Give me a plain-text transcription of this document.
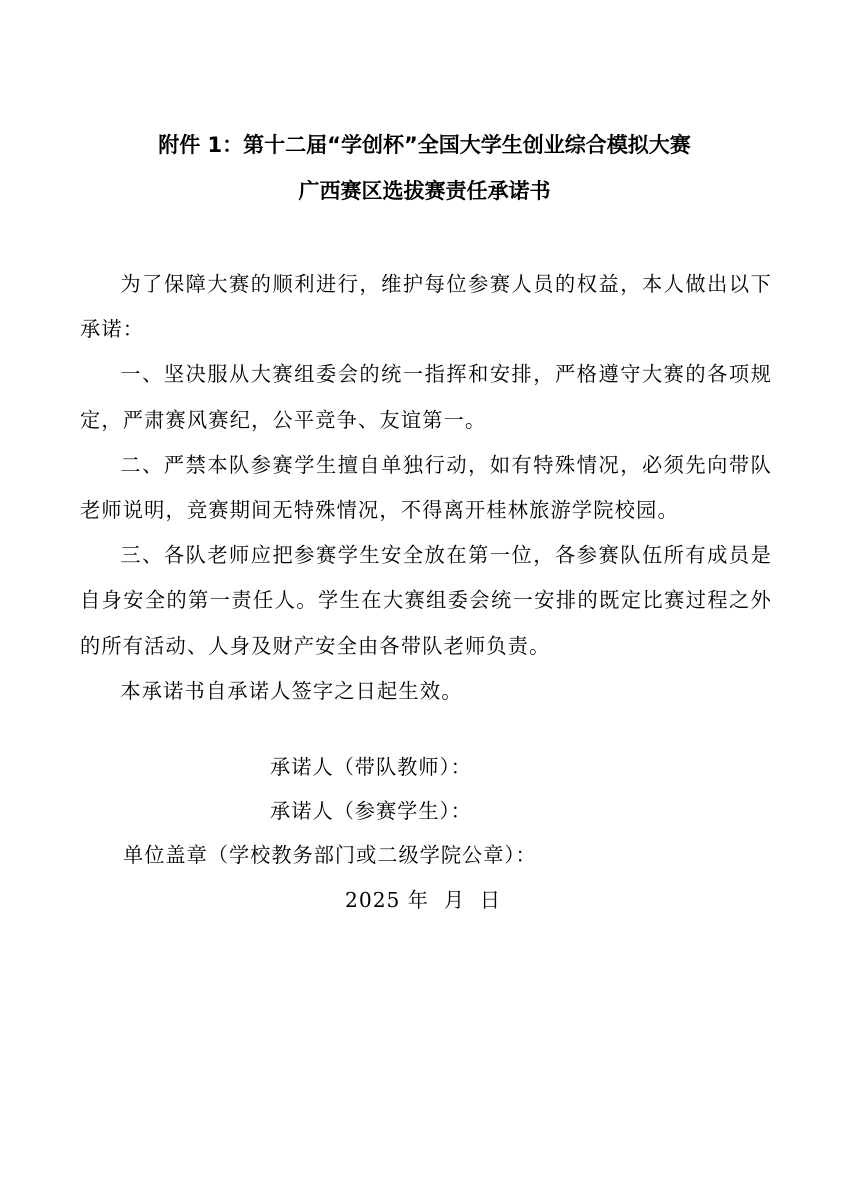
附件 1：第十二届“学创杯”全国大学生创业综合模拟大赛
广西赛区选拔赛责任承诺书

为了保障大赛的顺利进行，维护每位参赛人员的权益，本人做出以下承诺：

一、坚决服从大赛组委会的统一指挥和安排，严格遵守大赛的各项规定，严肃赛风赛纪，公平竞争、友谊第一。

二、严禁本队参赛学生擅自单独行动，如有特殊情况，必须先向带队老师说明，竞赛期间无特殊情况，不得离开桂林旅游学院校园。

三、各队老师应把参赛学生安全放在第一位，各参赛队伍所有成员是自身安全的第一责任人。学生在大赛组委会统一安排的既定比赛过程之外的所有活动、人身及财产安全由各带队老师负责。

本承诺书自承诺人签字之日起生效。

承诺人（带队教师）：
承诺人（参赛学生）：
单位盖章（学校教务部门或二级学院公章）：
2025 年  月  日
